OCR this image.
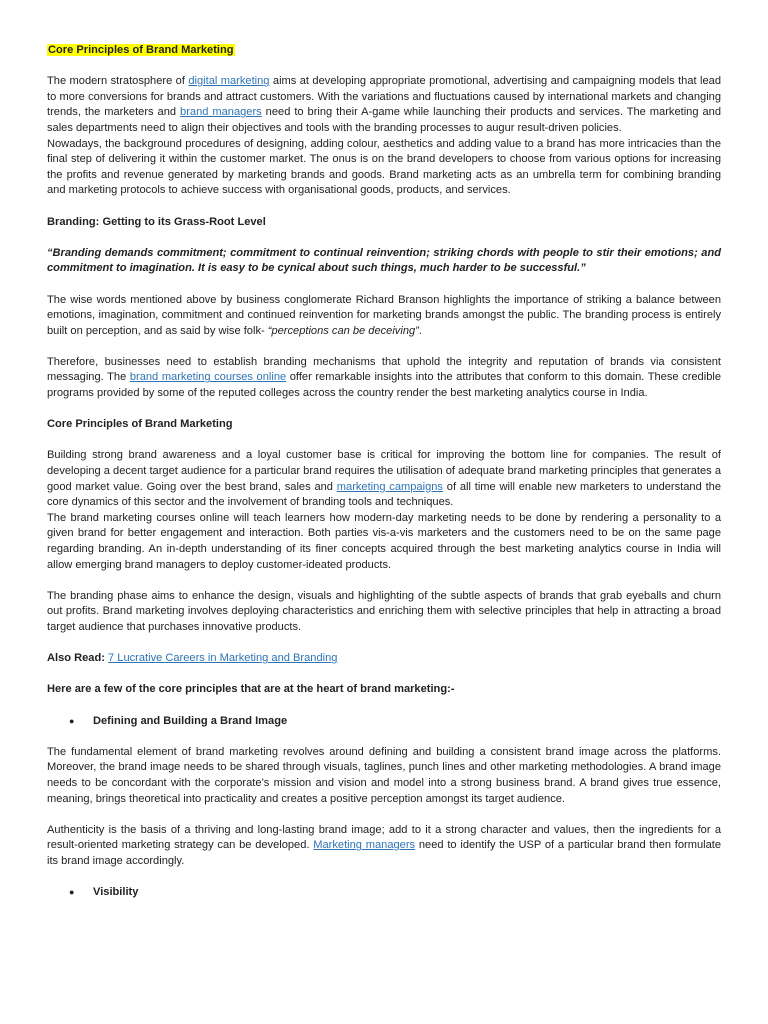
Core Principles of Brand Marketing

The modern stratosphere of digital marketing aims at developing appropriate promotional, advertising and campaigning models that lead to more conversions for brands and attract customers. With the variations and fluctuations caused by international markets and changing trends, the marketers and brand managers need to bring their A-game while launching their products and services. The marketing and sales departments need to align their objectives and tools with the branding processes to augur result-driven policies.

Nowadays, the background procedures of designing, adding colour, aesthetics and adding value to a brand has more intricacies than the final step of delivering it within the customer market. The onus is on the brand developers to choose from various options for increasing the profits and revenue generated by marketing brands and goods. Brand marketing acts as an umbrella term for combining branding and marketing protocols to achieve success with organisational goods, products, and services.

Branding: Getting to its Grass-Root Level

“Branding demands commitment; commitment to continual reinvention; striking chords with people to stir their emotions; and commitment to imagination. It is easy to be cynical about such things, much harder to be successful.”

The wise words mentioned above by business conglomerate Richard Branson highlights the importance of striking a balance between emotions, imagination, commitment and continued reinvention for marketing brands amongst the public. The branding process is entirely built on perception, and as said by wise folk- “perceptions can be deceiving”.

Therefore, businesses need to establish branding mechanisms that uphold the integrity and reputation of brands via consistent messaging. The brand marketing courses online offer remarkable insights into the attributes that conform to this domain. These credible programs provided by some of the reputed colleges across the country render the best marketing analytics course in India.

Core Principles of Brand Marketing

Building strong brand awareness and a loyal customer base is critical for improving the bottom line for companies. The result of developing a decent target audience for a particular brand requires the utilisation of adequate brand marketing principles that generates a good market value. Going over the best brand, sales and marketing campaigns of all time will enable new marketers to understand the core dynamics of this sector and the involvement of branding tools and techniques.

The brand marketing courses online will teach learners how modern-day marketing needs to be done by rendering a personality to a given brand for better engagement and interaction. Both parties vis-a-vis marketers and the customers need to be on the same page regarding branding. An in-depth understanding of its finer concepts acquired through the best marketing analytics course in India will allow emerging brand managers to deploy customer-ideated products.

The branding phase aims to enhance the design, visuals and highlighting of the subtle aspects of brands that grab eyeballs and churn out profits. Brand marketing involves deploying characteristics and enriching them with selective principles that help in attracting a broad target audience that purchases innovative products.

Also Read: 7 Lucrative Careers in Marketing and Branding

Here are a few of the core principles that are at the heart of brand marketing:-

●	Defining and Building a Brand Image

The fundamental element of brand marketing revolves around defining and building a consistent brand image across the platforms. Moreover, the brand image needs to be shared through visuals, taglines, punch lines and other marketing methodologies. A brand image needs to be concordant with the corporate’s mission and vision and model into a strong business brand. A brand gives true essence, meaning, brings theoretical into practicality and creates a positive perception amongst its target audience.

Authenticity is the basis of a thriving and long-lasting brand image; add to it a strong character and values, then the ingredients for a result-oriented marketing strategy can be developed. Marketing managers need to identify the USP of a particular brand then formulate its brand image accordingly.

●	Visibility
